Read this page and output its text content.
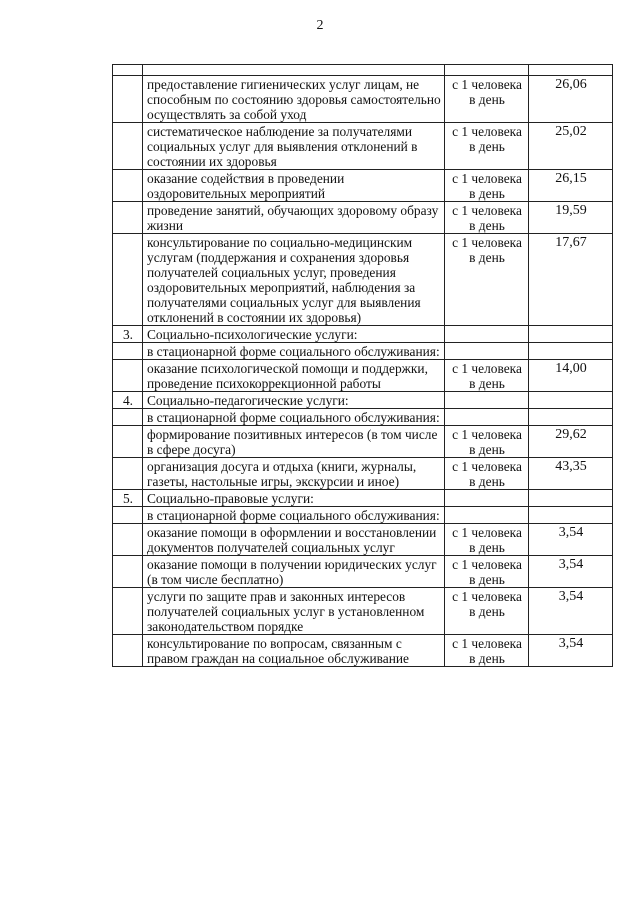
2

	предоставление гигиенических услуг лицам, не способным по состоянию здоровья самостоятельно осуществлять за собой уход	с 1 человека в день	26,06
	систематическое наблюдение за получателями социальных услуг для выявления отклонений в состоянии их здоровья	с 1 человека в день	25,02
	оказание содействия в проведении оздоровительных мероприятий	с 1 человека в день	26,15
	проведение занятий, обучающих здоровому образу жизни	с 1 человека в день	19,59
	консультирование по социально-медицинским услугам (поддержания и сохранения здоровья получателей социальных услуг, проведения оздоровительных мероприятий, наблюдения за получателями социальных услуг для выявления отклонений в состоянии их здоровья)	с 1 человека в день	17,67
3.	Социально-психологические услуги:		
	в стационарной форме социального обслуживания:		
	оказание психологической помощи и поддержки, проведение психокоррекционной работы	с 1 человека в день	14,00
4.	Социально-педагогические услуги:		
	в стационарной форме социального обслуживания:		
	формирование позитивных интересов (в том числе в сфере досуга)	с 1 человека в день	29,62
	организация досуга и отдыха (книги, журналы, газеты, настольные игры, экскурсии и иное)	с 1 человека в день	43,35
5.	Социально-правовые услуги:		
	в стационарной форме социального обслуживания:		
	оказание помощи в оформлении и восстановлении документов получателей социальных услуг	с 1 человека в день	3,54
	оказание помощи в получении юридических услуг (в том числе бесплатно)	с 1 человека в день	3,54
	услуги по защите прав и законных интересов получателей социальных услуг в установленном законодательством порядке	с 1 человека в день	3,54
	консультирование по вопросам, связанным с правом граждан на социальное обслуживание	с 1 человека в день	3,54
